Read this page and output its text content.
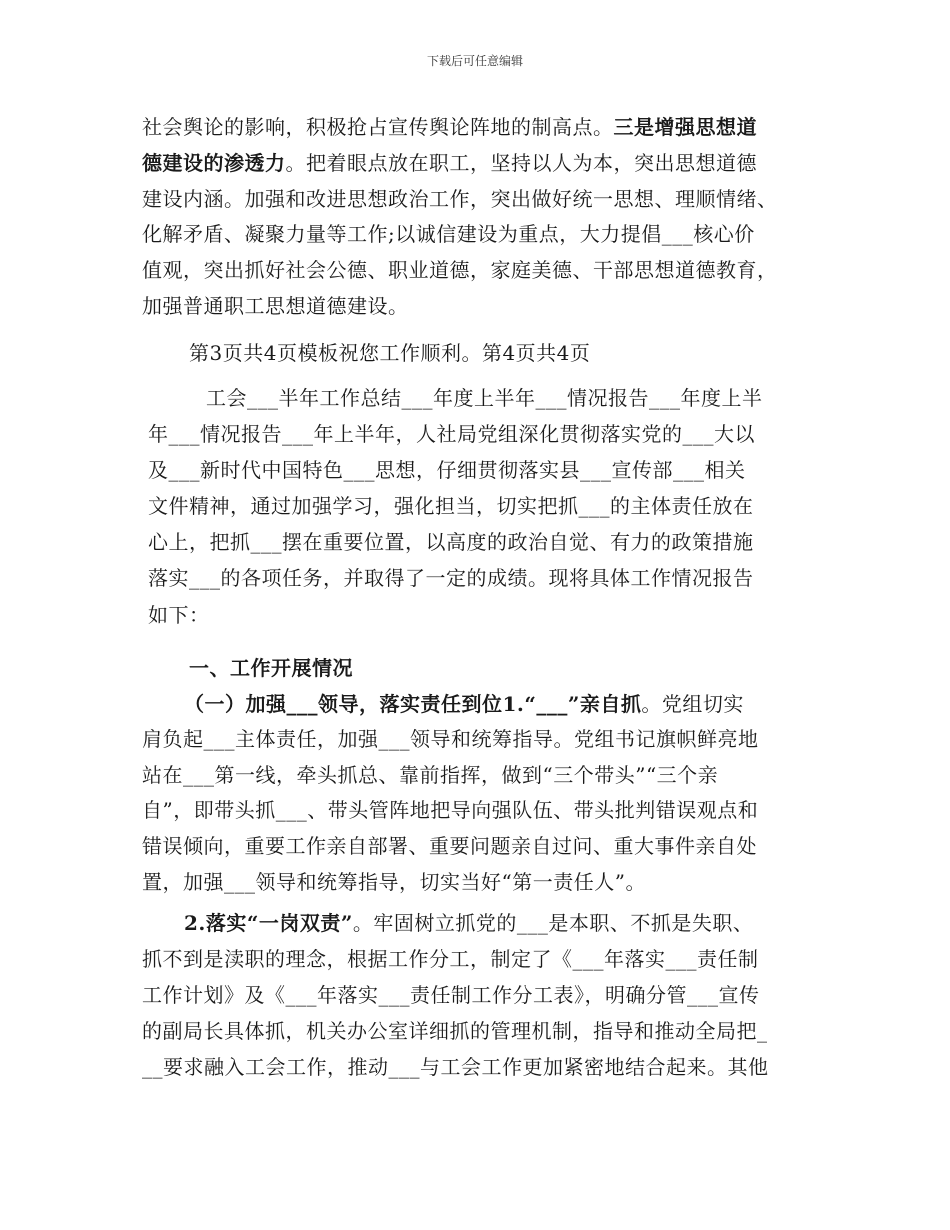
下载后可任意编辑
社会舆论的影响，积极抢占宣传舆论阵地的制高点。三是增强思想道
德建设的渗透力。把着眼点放在职工，坚持以人为本，突出思想道德
建设内涵。加强和改进思想政治工作，突出做好统一思想、理顺情绪、
化解矛盾、凝聚力量等工作;以诚信建设为重点，大力提倡___核心价
值观，突出抓好社会公德、职业道德，家庭美德、干部思想道德教育，
加强普通职工思想道德建设。
第3页共4页模板祝您工作顺利。第4页共4页
工会___半年工作总结___年度上半年___情况报告___年度上半
年___情况报告___年上半年，人社局党组深化贯彻落实党的___大以
及___新时代中国特色___思想，仔细贯彻落实县___宣传部___相关
文件精神，通过加强学习，强化担当，切实把抓___的主体责任放在
心上，把抓___摆在重要位置，以高度的政治自觉、有力的政策措施
落实___的各项任务，并取得了一定的成绩。现将具体工作情况报告
如下：
一、工作开展情况
（一）加强___领导，落实责任到位1.“___”亲自抓。党组切实
肩负起___主体责任，加强___领导和统筹指导。党组书记旗帜鲜亮地
站在___第一线，牵头抓总、靠前指挥，做到“三个带头”“三个亲
自”，即带头抓___、带头管阵地把导向强队伍、带头批判错误观点和
错误倾向，重要工作亲自部署、重要问题亲自过问、重大事件亲自处
置，加强___领导和统筹指导，切实当好“第一责任人”。
2.落实“一岗双责”。牢固树立抓党的___是本职、不抓是失职、
抓不到是渎职的理念，根据工作分工，制定了《___年落实___责任制
工作计划》及《___年落实___责任制工作分工表》，明确分管___宣传
的副局长具体抓，机关办公室详细抓的管理机制，指导和推动全局把_
__要求融入工会工作，推动___与工会工作更加紧密地结合起来。其他
